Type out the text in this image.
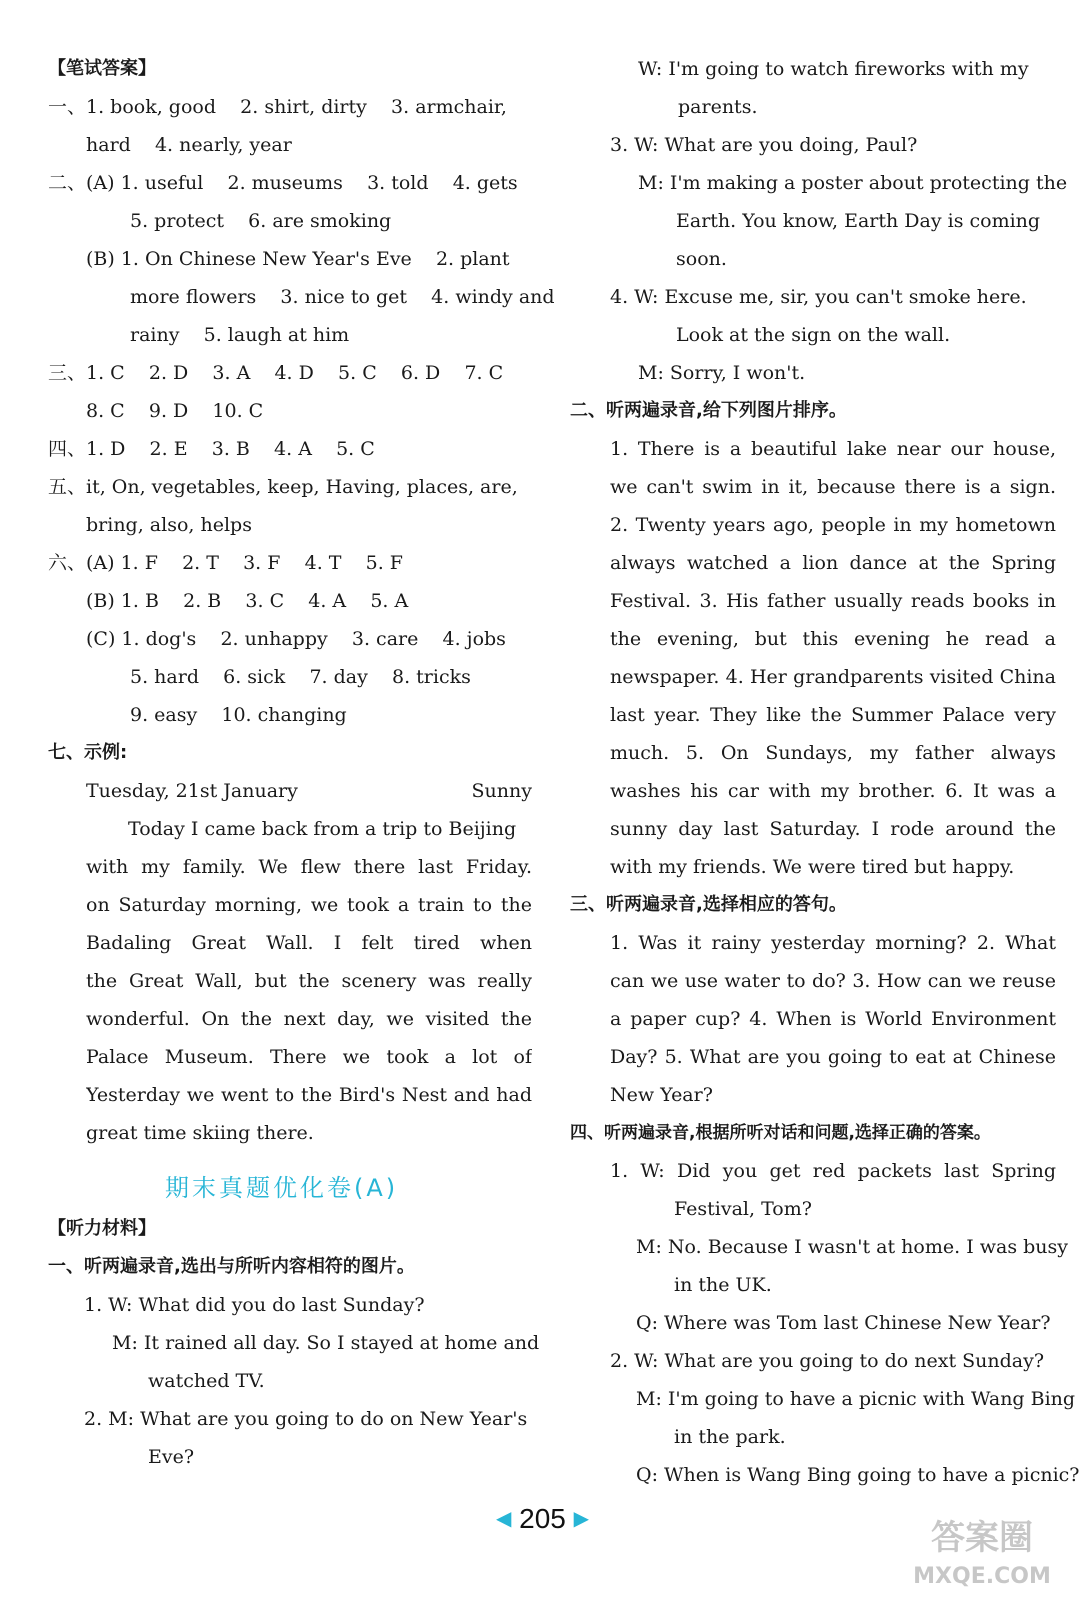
【笔试答案】
一、1. book, good    2. shirt, dirty    3. armchair,
hard    4. nearly, year
二、(A) 1. useful    2. museums    3. told    4. gets
5. protect    6. are smoking
(B) 1. On Chinese New Year's Eve    2. plant
more flowers    3. nice to get    4. windy and
rainy    5. laugh at him
三、1. C    2. D    3. A    4. D    5. C    6. D    7. C
8. C    9. D    10. C
四、1. D    2. E    3. B    4. A    5. C
五、it, On, vegetables, keep, Having, places, are,
bring, also, helps
六、(A) 1. F    2. T    3. F    4. T    5. F
(B) 1. B    2. B    3. C    4. A    5. A
(C) 1. dog's    2. unhappy    3. care    4. jobs
5. hard    6. sick    7. day    8. tricks
9. easy    10. changing
七、示例:
Tuesday, 21st January	Sunny
Today I came back from a trip to Beijing
with my family. We flew there last Friday.
on Saturday morning, we took a train to the
Badaling Great Wall. I felt tired when
the Great Wall, but the scenery was really
wonderful. On the next day, we visited the
Palace Museum. There we took a lot of
Yesterday we went to the Bird's Nest and had
great time skiing there.
【听力材料】
一、听两遍录音,选出与所听内容相符的图片。
1. W: What did you do last Sunday?
M: It rained all day. So I stayed at home and
watched TV.
2. M: What are you going to do on New Year's
Eve?
期末真题优化卷(A)
W: I'm going to watch fireworks with my
parents.
3. W: What are you doing, Paul?
M: I'm making a poster about protecting the
Earth. You know, Earth Day is coming
soon.
4. W: Excuse me, sir, you can't smoke here.
Look at the sign on the wall.
M: Sorry, I won't.
二、听两遍录音,给下列图片排序。
1. There is a beautiful lake near our house,
we can't swim in it, because there is a sign.
2. Twenty years ago, people in my hometown
always watched a lion dance at the Spring
Festival. 3. His father usually reads books in
the evening, but this evening he read a
newspaper. 4. Her grandparents visited China
last year. They like the Summer Palace very
much. 5. On Sundays, my father always
washes his car with my brother. 6. It was a
sunny day last Saturday. I rode around the
with my friends. We were tired but happy.
三、听两遍录音,选择相应的答句。
1. Was it rainy yesterday morning? 2. What
can we use water to do? 3. How can we reuse
a paper cup? 4. When is World Environment
Day? 5. What are you going to eat at Chinese
New Year?
四、听两遍录音,根据所听对话和问题,选择正确的答案。
1. W: Did you get red packets last Spring
Festival, Tom?
M: No. Because I wasn't at home. I was busy
in the UK.
Q: Where was Tom last Chinese New Year?
2. W: What are you going to do next Sunday?
M: I'm going to have a picnic with Wang Bing
in the park.
Q: When is Wang Bing going to have a picnic?
◀ 205 ▶	答案圈
MXQE.COM
